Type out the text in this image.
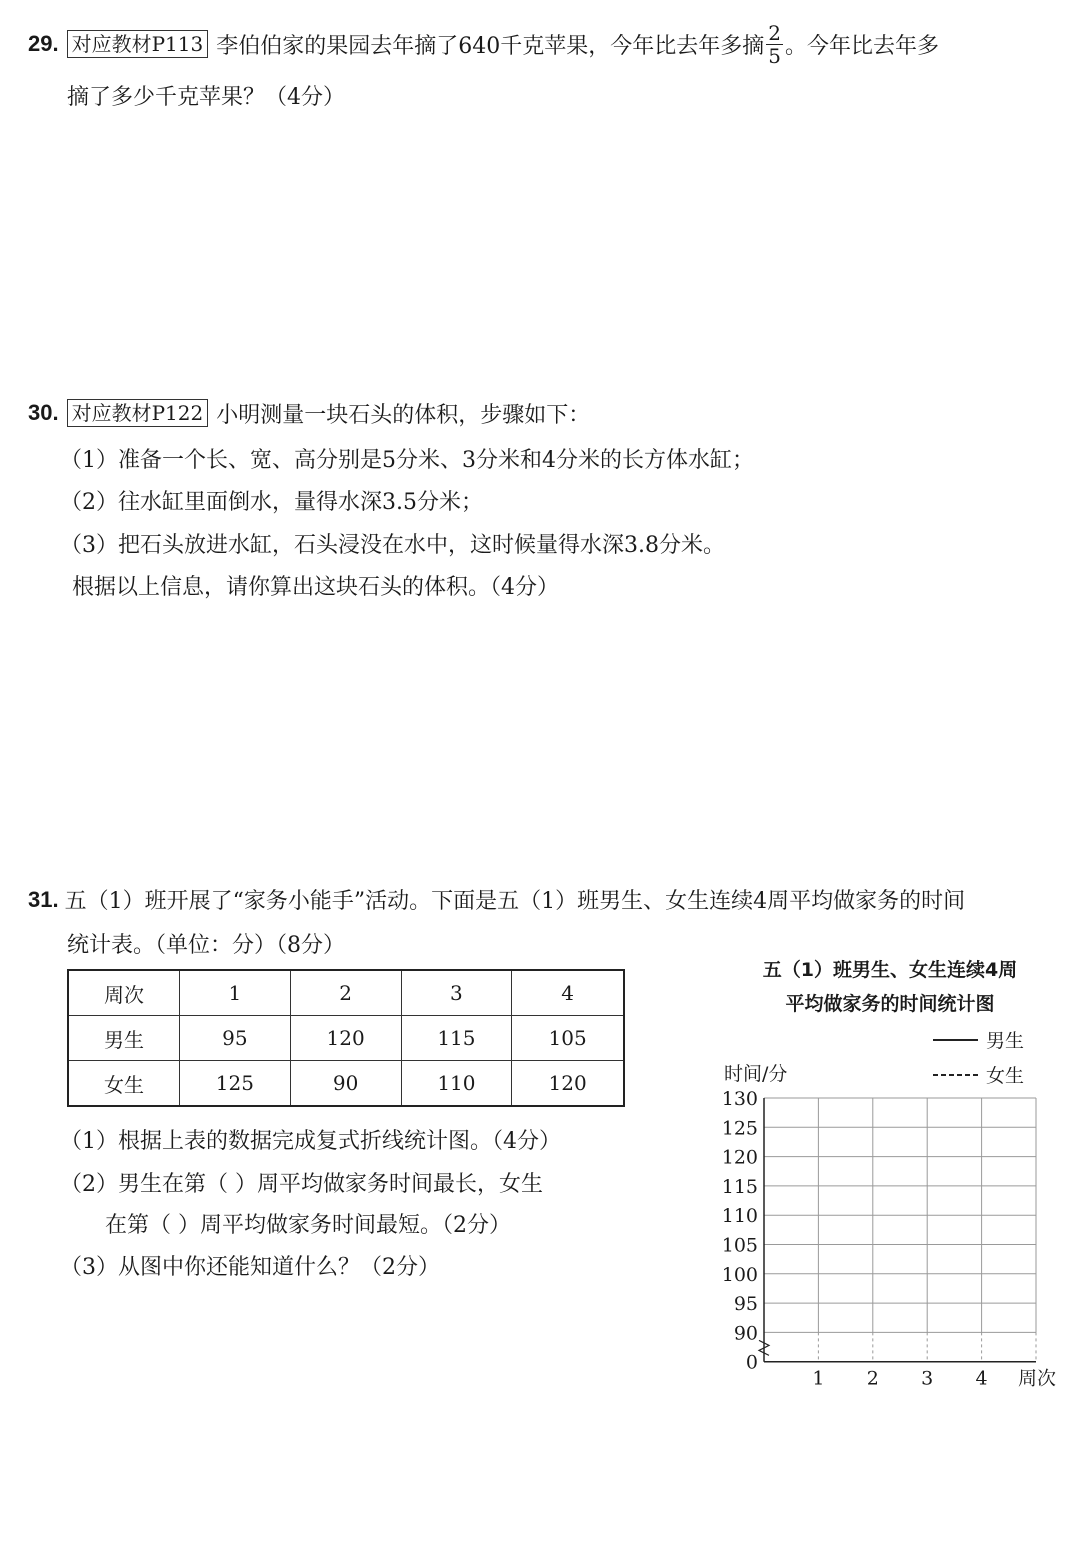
29. 对应教材P113 李伯伯家的果园去年摘了640千克苹果，今年比去年多摘 $\frac{2}{5}$ 。今年比去年多
摘了多少千克苹果？（4分）
30. 对应教材P122 小明测量一块石头的体积，步骤如下：
（1）准备一个长、宽、高分别是5分米、3分米和4分米的长方体水缸；
（2）往水缸里面倒水，量得水深3.5分米；
（3）把石头放进水缸，石头浸没在水中，这时候量得水深3.8分米。
根据以上信息，请你算出这块石头的体积。（4分）
31. 五（1）班开展了“家务小能手”活动。下面是五（1）班男生、女生连续4周平均做家务的时间
统计表。（单位：分）（8分）
周次	1	2	3	4
男生	95	120	115	105
女生	125	90	110	120
（1）根据上表的数据完成复式折线统计图。（4分）
（2）男生在第（ ）周平均做家务时间最长，女生
在第（ ）周平均做家务时间最短。（2分）
（3）从图中你还能知道什么？（2分）
五（1）班男生、女生连续4周
平均做家务的时间统计图
130
125
120
115
110
105
100
95
90
0
1 2 3 4 周次
时间/分
男生
女生
